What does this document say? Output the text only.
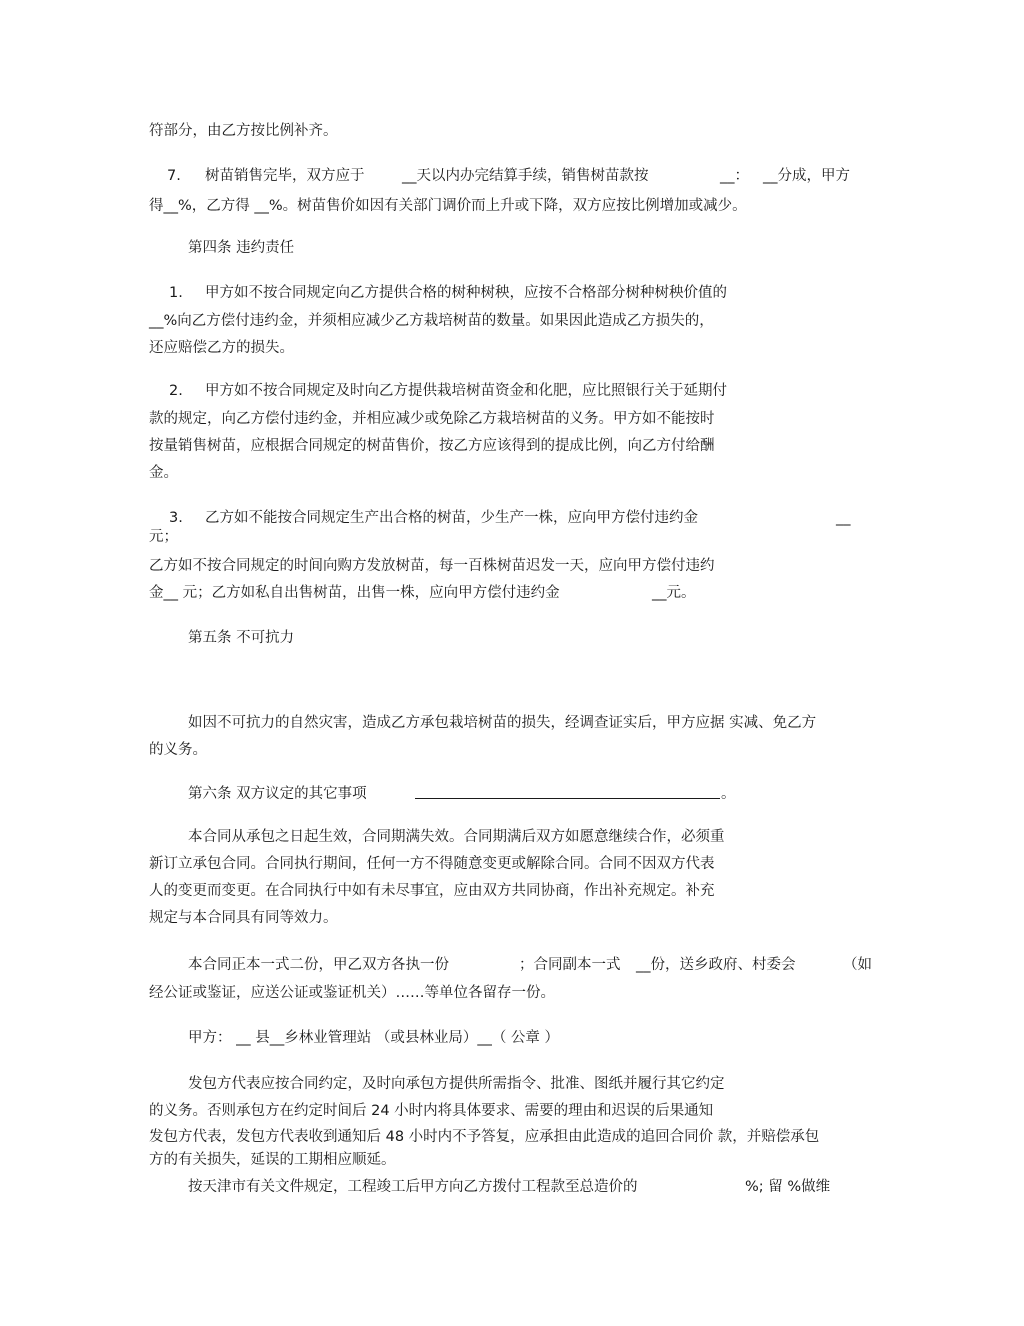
符部分，由乙方按比例补齐。
7. 树苗销售完毕，双方应于	__天以内办完结算手续，销售树苗款按	__： __分成，甲方
得__%，乙方得 __%。树苗售价如因有关部门调价而上升或下降，双方应按比例增加或减少。
第四条 违约责任
1. 甲方如不按合同规定向乙方提供合格的树种树秧，应按不合格部分树种树秧价值的
__%向乙方偿付违约金，并须相应减少乙方栽培树苗的数量。如果因此造成乙方损失的，
还应赔偿乙方的损失。
2. 甲方如不按合同规定及时向乙方提供栽培树苗资金和化肥，应比照银行关于延期付
款的规定，向乙方偿付违约金，并相应减少或免除乙方栽培树苗的义务。甲方如不能按时
按量销售树苗，应根据合同规定的树苗售价，按乙方应该得到的提成比例，向乙方付给酬
金。
3. 乙方如不能按合同规定生产出合格的树苗，少生产一株，应向甲方偿付违约金	__
元；
乙方如不按合同规定的时间向购方发放树苗，每一百株树苗迟发一天，应向甲方偿付违约
金__ 元；乙方如私自出售树苗，出售一株，应向甲方偿付违约金	__元。
第五条 不可抗力
如因不可抗力的自然灾害，造成乙方承包栽培树苗的损失，经调查证实后，甲方应据 实减、免乙方
的义务。
第六条 双方议定的其它事项	。
本合同从承包之日起生效，合同期满失效。合同期满后双方如愿意继续合作，必须重
新订立承包合同。合同执行期间，任何一方不得随意变更或解除合同。合同不因双方代表
人的变更而变更。在合同执行中如有未尽事宜，应由双方共同协商，作出补充规定。补充
规定与本合同具有同等效力。
本合同正本一式二份，甲乙双方各执一份	；合同副本一式 __份，送乡政府、村委会	（如
经公证或鉴证，应送公证或鉴证机关）……等单位各留存一份。
甲方： __ 县__乡林业管理站 （或县林业局）__（ 公章 ）
发包方代表应按合同约定，及时向承包方提供所需指令、批准、图纸并履行其它约定
的义务。否则承包方在约定时间后 24 小时内将具体要求、需要的理由和迟误的后果通知
发包方代表，发包方代表收到通知后 48 小时内不予答复，应承担由此造成的追回合同价 款，并赔偿承包
方的有关损失，延误的工期相应顺延。
按天津市有关文件规定，工程竣工后甲方向乙方拨付工程款至总造价的	%; 留 %做维
